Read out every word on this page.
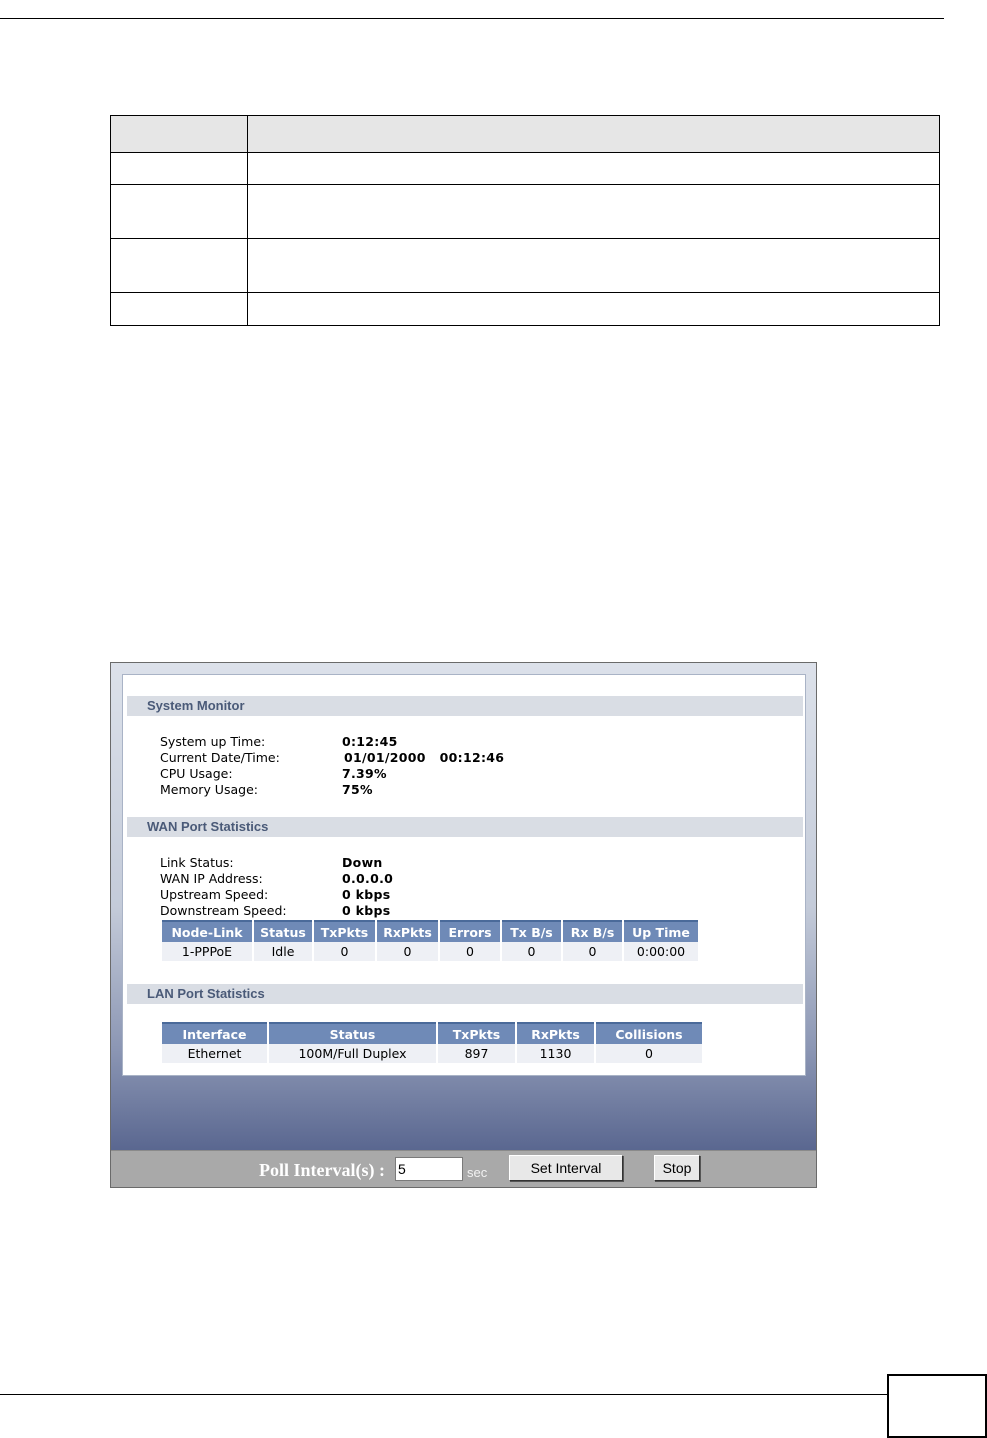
System Monitor
System up Time:	0:12:45
Current Date/Time:	01/01/2000   00:12:46
CPU Usage:	7.39%
Memory Usage:	75%
WAN Port Statistics
Link Status:	Down
WAN IP Address:	0.0.0.0
Upstream Speed:	0 kbps
Downstream Speed:	0 kbps
Node-Link	Status	TxPkts	RxPkts	Errors	Tx B/s	Rx B/s	Up Time
1-PPPoE	Idle	0	0	0	0	0	0:00:00
LAN Port Statistics
Interface	Status	TxPkts	RxPkts	Collisions
Ethernet	100M/Full Duplex	897	1130	0
Poll Interval(s) :
5	sec	Set Interval	Stop
